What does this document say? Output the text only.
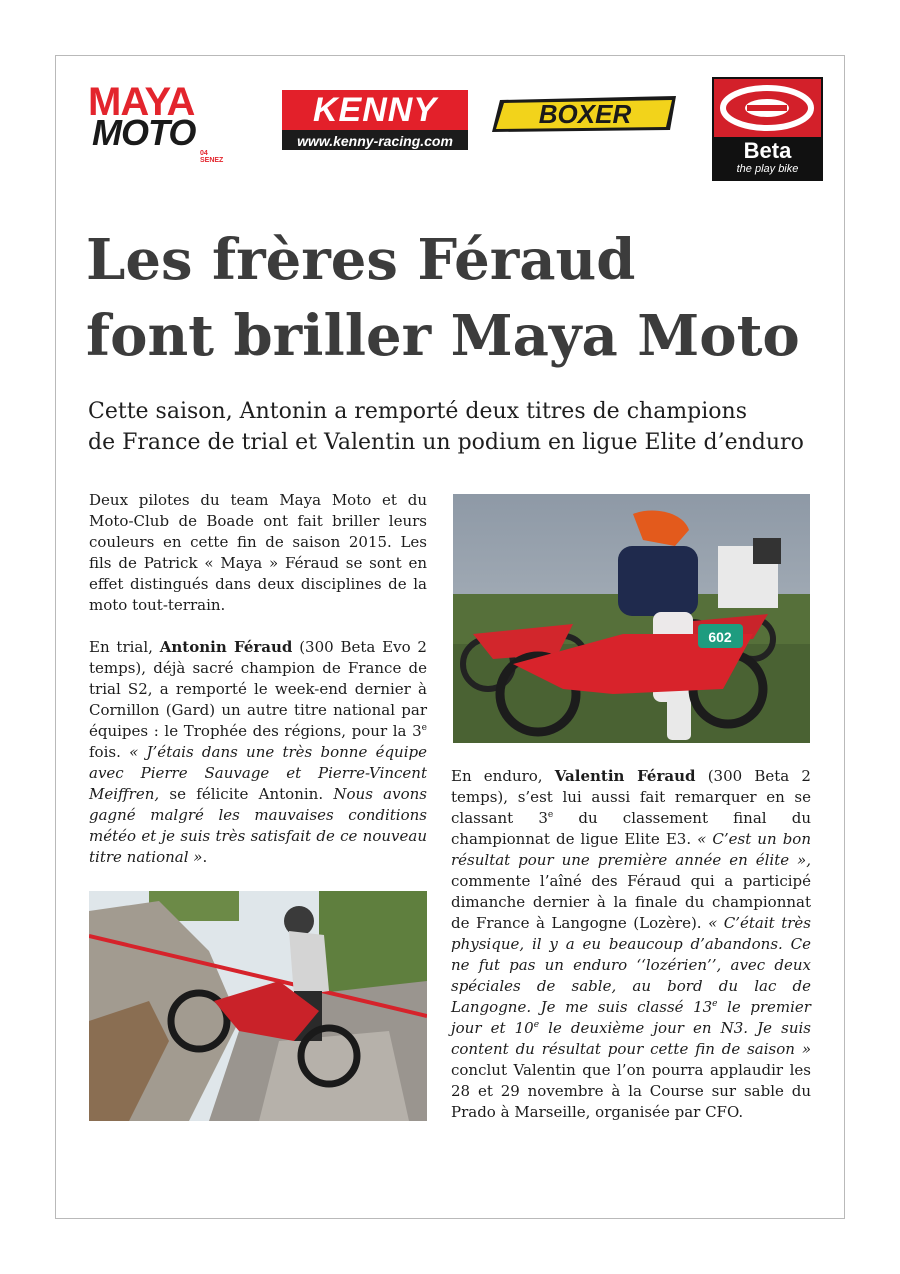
MAYA
MOTO
04 SENEZ
KENNY
www.kenny-racing.com
BOXER
Beta
the play bike
Les frères Féraud
font briller Maya Moto

Cette saison, Antonin a remporté deux titres de champions
de France de trial et Valentin un podium en ligue Elite d’enduro

Deux pilotes du team Maya Moto et du Moto-Club de Boade ont fait briller leurs couleurs en cette fin de saison 2015. Les fils de Patrick « Maya » Féraud se sont en effet distingués dans deux disciplines de la moto tout-terrain.

En trial, Antonin Féraud (300 Beta Evo 2 temps), déjà sacré champion de France de trial S2, a remporté le week-end dernier à Cornillon (Gard) un autre titre national par équipes : le Trophée des régions, pour la 3e fois. « J’étais dans une très bonne équipe avec Pierre Sauvage et Pierre-Vincent Meiffren, se félicite Antonin. Nous avons gagné malgré les mauvaises conditions météo et je suis très satisfait de ce nouveau titre national ».

En enduro, Valentin Féraud (300 Beta 2 temps), s’est lui aussi fait remarquer en se classant 3e du classement final du championnat de ligue Elite E3. « C’est un bon résultat pour une première année en élite », commente l’aîné des Féraud qui a participé dimanche dernier à la finale du championnat de France à Langogne (Lozère). « C’était très physique, il y a eu beaucoup d’abandons. Ce ne fut pas un enduro ‘‘lozérien’’, avec deux spéciales de sable, au bord du lac de Langogne. Je me suis classé 13e le premier jour et 10e le deuxième jour en N3. Je suis content du résultat pour cette fin de saison » conclut Valentin que l’on pourra applaudir les 28 et 29 novembre à la Course sur sable du Prado à Marseille, organisée par CFO.

602
